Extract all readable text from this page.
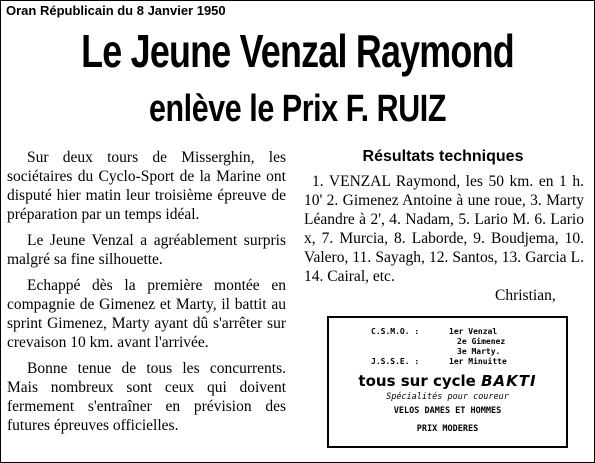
Oran Républicain du 8 Janvier 1950
Le Jeune Venzal Raymond
enlève le Prix F. RUIZ

Sur deux tours de Misserghin, les sociétaires du Cyclo-Sport de la Marine ont disputé hier matin leur troisième épreuve de préparation par un temps idéal.

Le Jeune Venzal a agréablement surpris malgré sa fine silhouette.

Echappé dès la première montée en compagnie de Gimenez et Marty, il battit au sprint Gimenez, Marty ayant dû s'arrêter sur crevaison 10 km. avant l'arrivée.

Bonne tenue de tous les concurrents. Mais nombreux sont ceux qui doivent fermement s'entraîner en prévision des futures épreuves officielles.

Résultats techniques
1. VENZAL Raymond, les 50 km. en 1 h. 10' 2. Gimenez Antoine à une roue, 3. Marty Léandre à 2', 4. Nadam, 5. Lario M. 6. Lario x, 7. Murcia, 8. Laborde, 9. Boudjema, 10. Valero, 11. Sayagh, 12. Santos, 13. Garcia L. 14. Cairal, etc.
Christian,
C.S.M.O. :	1er Venzal
2e Gimenez
3e Marty.
J.S.S.E. :	1er Minuitte
tous sur cycle BAKTI
Spécialités pour coureur
VELOS DAMES ET HOMMES
PRIX MODERES
